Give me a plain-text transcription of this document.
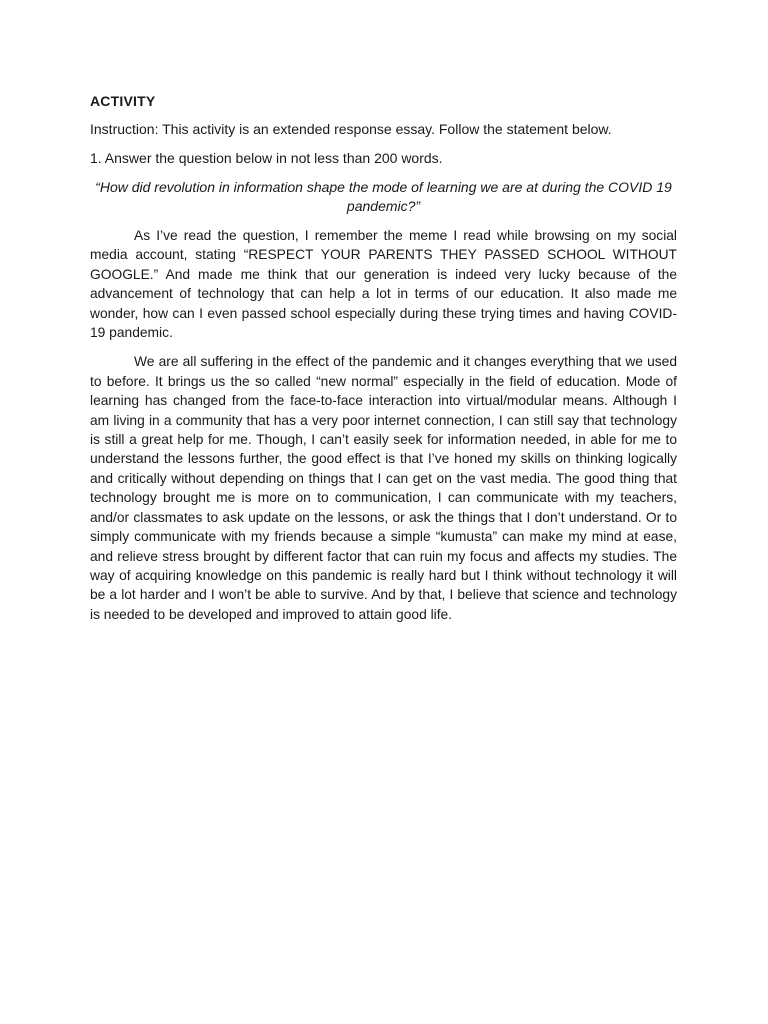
ACTIVITY
Instruction: This activity is an extended response essay. Follow the statement below.
1. Answer the question below in not less than 200 words.
“How did revolution in information shape the mode of learning we are at during the COVID 19 pandemic?”

As I’ve read the question, I remember the meme I read while browsing on my social media account, stating “RESPECT YOUR PARENTS THEY PASSED SCHOOL WITHOUT GOOGLE.” And made me think that our generation is indeed very lucky because of the advancement of technology that can help a lot in terms of our education. It also made me wonder, how can I even passed school especially during these trying times and having COVID-19 pandemic.

We are all suffering in the effect of the pandemic and it changes everything that we used to before. It brings us the so called “new normal” especially in the field of education. Mode of learning has changed from the face-to-face interaction into virtual/modular means. Although I am living in a community that has a very poor internet connection, I can still say that technology is still a great help for me. Though, I can’t easily seek for information needed, in able for me to understand the lessons further, the good effect is that I’ve honed my skills on thinking logically and critically without depending on things that I can get on the vast media. The good thing that technology brought me is more on to communication, I can communicate with my teachers, and/or classmates to ask update on the lessons, or ask the things that I don’t understand. Or to simply communicate with my friends because a simple “kumusta” can make my mind at ease, and relieve stress brought by different factor that can ruin my focus and affects my studies. The way of acquiring knowledge on this pandemic is really hard but I think without technology it will be a lot harder and I won’t be able to survive. And by that, I believe that science and technology is needed to be developed and improved to attain good life.
